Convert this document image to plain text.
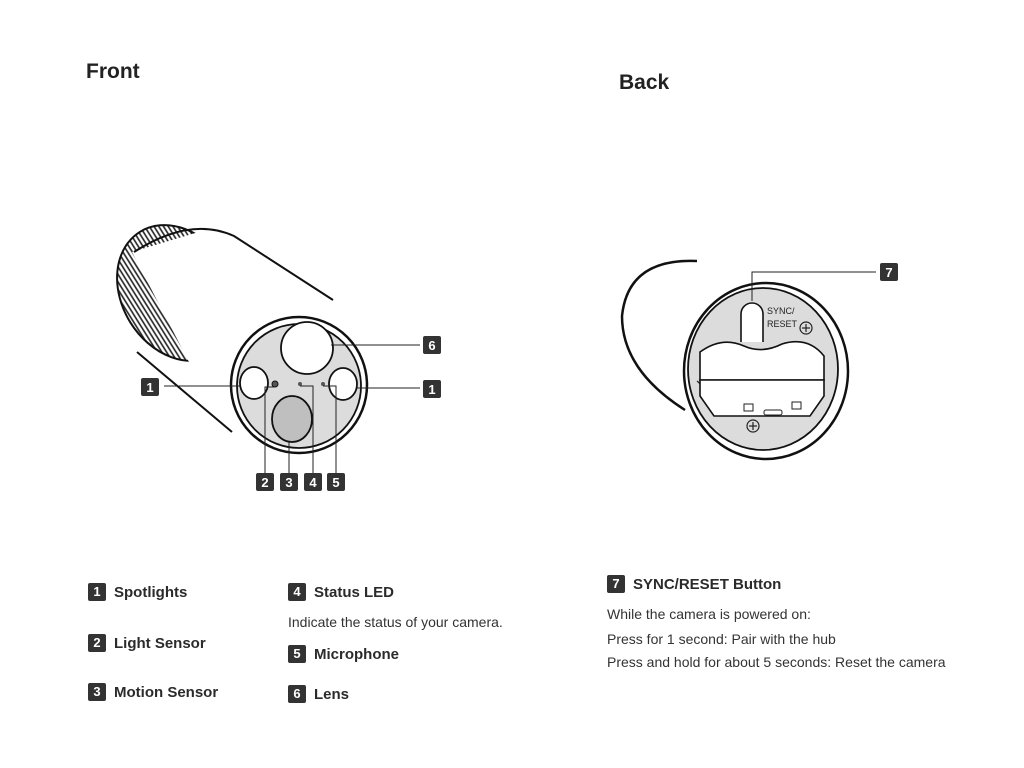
Front	Back
1
6
1
2 3 4 5
SYNC/
RESET
7
1 Spotlights
2 Light Sensor
3 Motion Sensor
4 Status LED
Indicate the status of your camera.
5 Microphone
6 Lens
7 SYNC/RESET Button
While the camera is powered on:
Press for 1 second: Pair with the hub
Press and hold for about 5 seconds: Reset the camera
